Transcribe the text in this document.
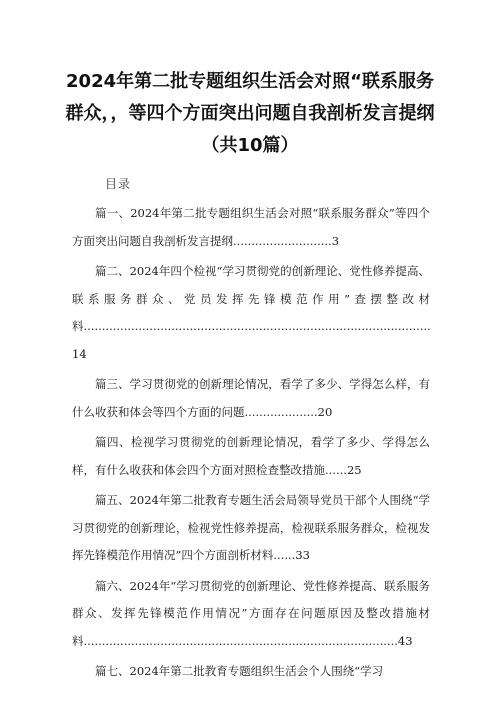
2024年第二批专题组织生活会对照“联系服务群众，，等四个方面突出问题自我剖析发言提纲（共10篇）
目录

篇一、2024年第二批专题组织生活会对照“联系服务群众”等四个方面突出问题自我剖析发言提纲...........................3

篇二、2024年四个检视“学习贯彻党的创新理论、党性修养提高、联系服务群众、党员发挥先锋模范作用”查摆整改材料...............................................................................................14

篇三、学习贯彻党的创新理论情况，看学了多少、学得怎么样，有什么收获和体会等四个方面的问题....................20

篇四、检视学习贯彻党的创新理论情况，看学了多少、学得怎么样，有什么收获和体会四个方面对照检查整改措施......25

篇五、2024年第二批教育专题生活会局领导党员干部个人围绕“学习贯彻党的创新理论，检视党性修养提高，检视联系服务群众，检视发挥先锋模范作用情况”四个方面剖析材料......33

篇六、2024年“学习贯彻党的创新理论、党性修养提高、联系服务群众、发挥先锋模范作用情况”方面存在问题原因及整改措施材料......................................................................................43

篇七、2024年第二批教育专题组织生活会个人围绕“学习
